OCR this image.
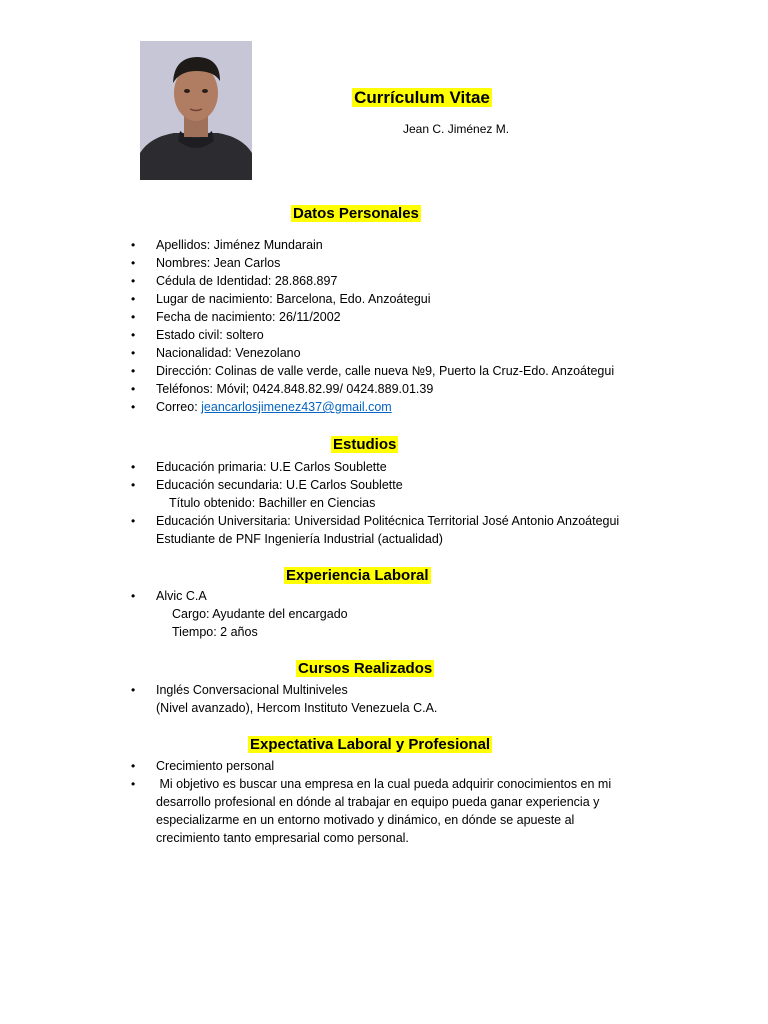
Currículum Vitae
Jean C. Jiménez M.
Datos Personales
• Apellidos: Jiménez Mundarain
• Nombres: Jean Carlos
• Cédula de Identidad: 28.868.897
• Lugar de nacimiento: Barcelona, Edo. Anzoátegui
• Fecha de nacimiento: 26/11/2002
• Estado civil: soltero
• Nacionalidad: Venezolano
• Dirección: Colinas de valle verde, calle nueva №9, Puerto la Cruz-Edo. Anzoátegui
• Teléfonos: Móvil; 0424.848.82.99/ 0424.889.01.39
• Correo: jeancarlosjimenez437@gmail.com
Estudios
• Educación primaria: U.E Carlos Soublette
• Educación secundaria: U.E Carlos Soublette
Título obtenido: Bachiller en Ciencias
• Educación Universitaria: Universidad Politécnica Territorial José Antonio Anzoátegui
Estudiante de PNF Ingeniería Industrial (actualidad)
Experiencia Laboral
• Alvic C.A
Cargo: Ayudante del encargado
Tiempo: 2 años
Cursos Realizados
• Inglés Conversacional Multiniveles
(Nivel avanzado), Hercom Instituto Venezuela C.A.
Expectativa Laboral y Profesional
• Crecimiento personal
• Mi objetivo es buscar una empresa en la cual pueda adquirir conocimientos en mi
desarrollo profesional en dónde al trabajar en equipo pueda ganar experiencia y
especializarme en un entorno motivado y dinámico, en dónde se apueste al
crecimiento tanto empresarial como personal.
